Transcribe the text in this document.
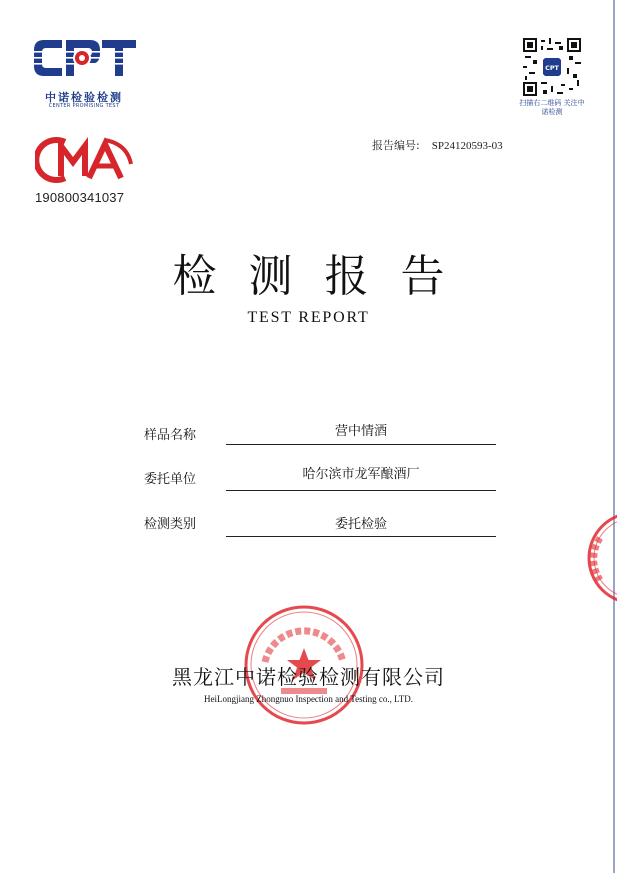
中诺检验检测
CENTER PROMISING TEST
CPT
扫描右二维码 关注中诺检测
报告编号: SP24120593-03
190800341037
检测报告
TEST REPORT
样品名称	营中情酒
委托单位	哈尔滨市龙军酿酒厂
检测类别	委托检验
黑龙江中诺检验检测有限公司
HeiLongjiang Zhongnuo Inspection and Testing co., LTD.
